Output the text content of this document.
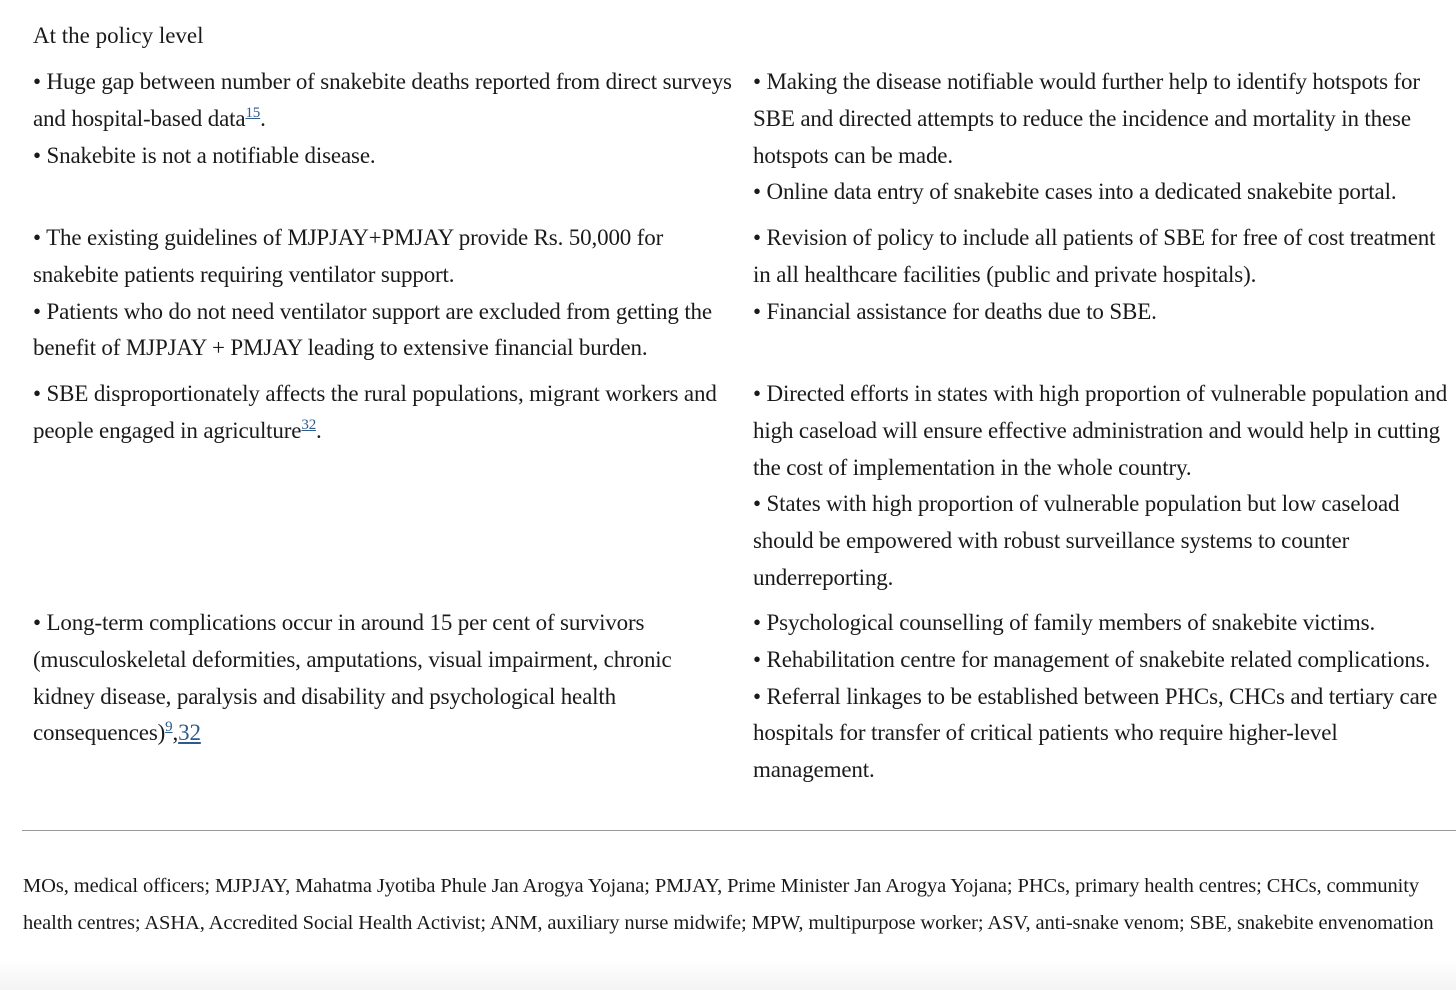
At the policy level
• Huge gap between number of snakebite deaths reported from direct surveys and hospital-based data$^{15}$.
• Snakebite is not a notifiable disease.
• Making the disease notifiable would further help to identify hotspots for SBE and directed attempts to reduce the incidence and mortality in these hotspots can be made.
• Online data entry of snakebite cases into a dedicated snakebite portal.
• The existing guidelines of MJPJAY+PMJAY provide Rs. 50,000 for snakebite patients requiring ventilator support.
• Patients who do not need ventilator support are excluded from getting the benefit of MJPJAY + PMJAY leading to extensive financial burden.
• Revision of policy to include all patients of SBE for free of cost treatment in all healthcare facilities (public and private hospitals).
• Financial assistance for deaths due to SBE.
• SBE disproportionately affects the rural populations, migrant workers and people engaged in agriculture$^{32}$.
• Directed efforts in states with high proportion of vulnerable population and high caseload will ensure effective administration and would help in cutting the cost of implementation in the whole country.
• States with high proportion of vulnerable population but low caseload should be empowered with robust surveillance systems to counter underreporting.
• Long-term complications occur in around 15 per cent of survivors (musculoskeletal deformities, amputations, visual impairment, chronic kidney disease, paralysis and disability and psychological health consequences)$^9$,32
• Psychological counselling of family members of snakebite victims.
• Rehabilitation centre for management of snakebite related complications.
• Referral linkages to be established between PHCs, CHCs and tertiary care hospitals for transfer of critical patients who require higher-level management.
MOs, medical officers; MJPJAY, Mahatma Jyotiba Phule Jan Arogya Yojana; PMJAY, Prime Minister Jan Arogya Yojana; PHCs, primary health centres; CHCs, community health centres; ASHA, Accredited Social Health Activist; ANM, auxiliary nurse midwife; MPW, multipurpose worker; ASV, anti-snake venom; SBE, snakebite envenomation
